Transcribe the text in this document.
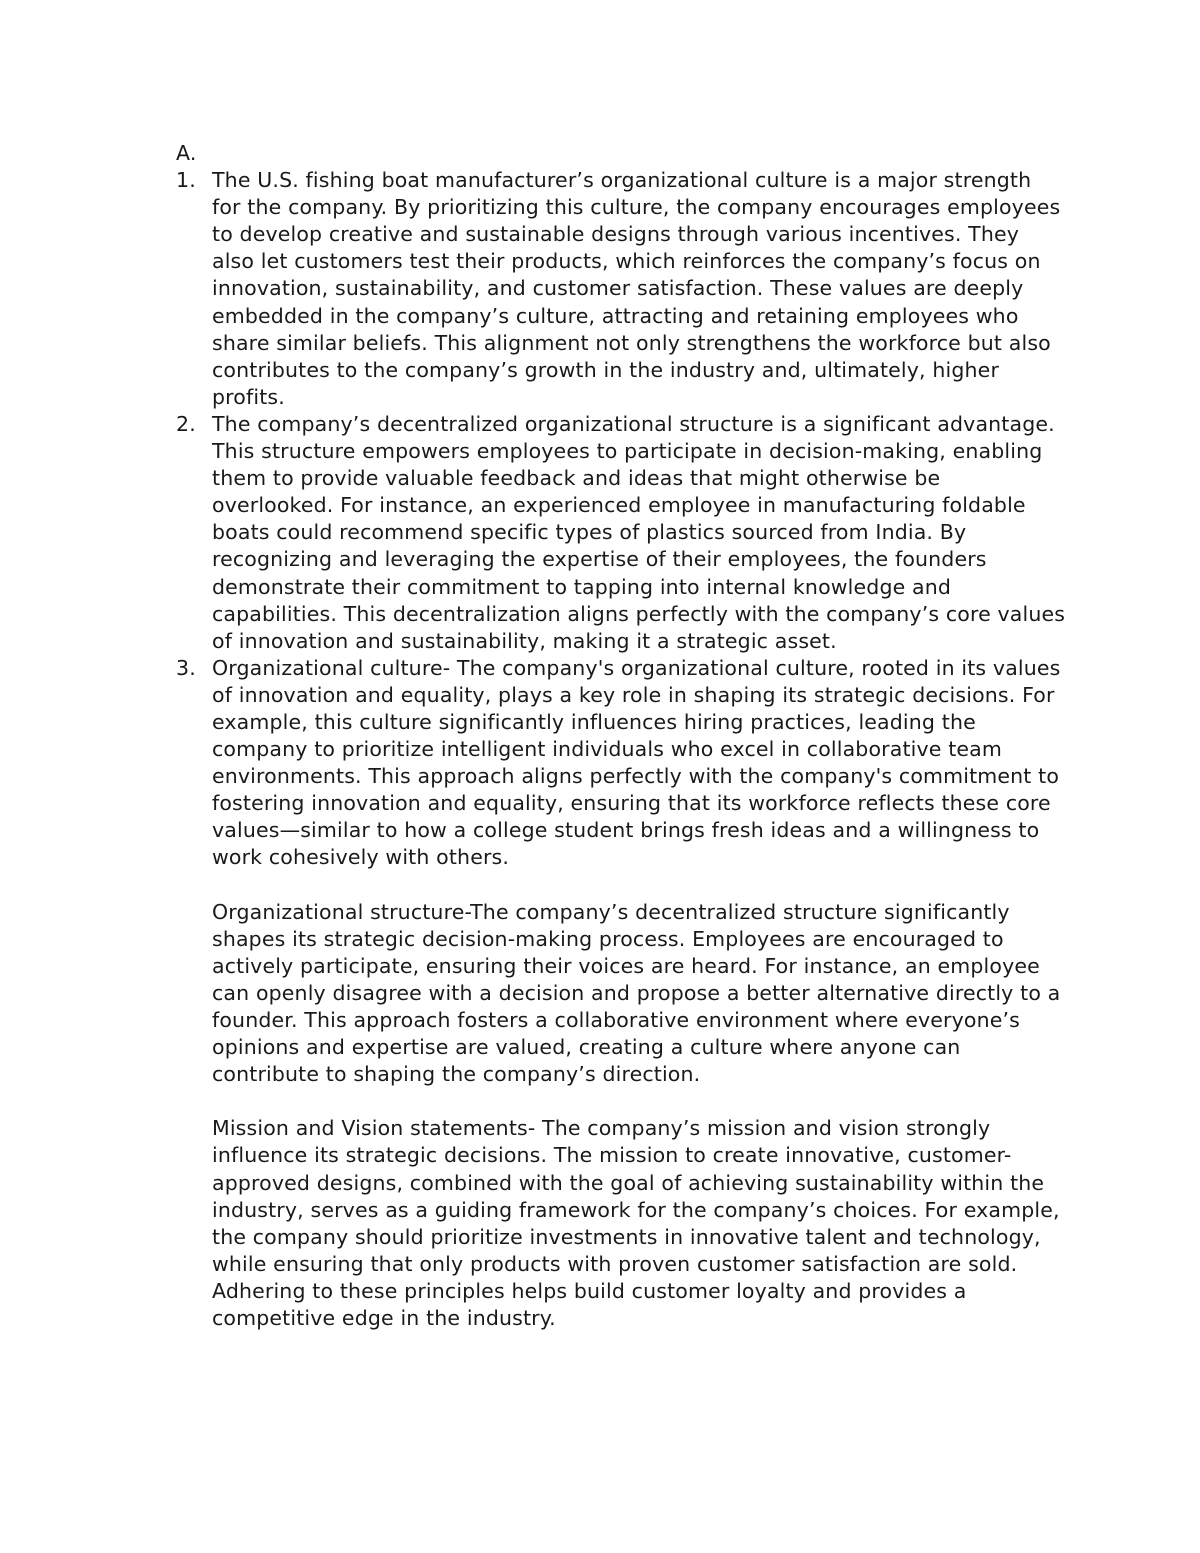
A.

1. The U.S. fishing boat manufacturer’s organizational culture is a major strength for the company. By prioritizing this culture, the company encourages employees to develop creative and sustainable designs through various incentives. They also let customers test their products, which reinforces the company’s focus on innovation, sustainability, and customer satisfaction. These values are deeply embedded in the company’s culture, attracting and retaining employees who share similar beliefs. This alignment not only strengthens the workforce but also contributes to the company’s growth in the industry and, ultimately, higher profits.

2. The company’s decentralized organizational structure is a significant advantage. This structure empowers employees to participate in decision-making, enabling them to provide valuable feedback and ideas that might otherwise be overlooked. For instance, an experienced employee in manufacturing foldable boats could recommend specific types of plastics sourced from India. By recognizing and leveraging the expertise of their employees, the founders demonstrate their commitment to tapping into internal knowledge and capabilities. This decentralization aligns perfectly with the company’s core values of innovation and sustainability, making it a strategic asset.

3. Organizational culture- The company's organizational culture, rooted in its values of innovation and equality, plays a key role in shaping its strategic decisions. For example, this culture significantly influences hiring practices, leading the company to prioritize intelligent individuals who excel in collaborative team environments. This approach aligns perfectly with the company's commitment to fostering innovation and equality, ensuring that its workforce reflects these core values—similar to how a college student brings fresh ideas and a willingness to work cohesively with others.

Organizational structure-The company’s decentralized structure significantly shapes its strategic decision-making process. Employees are encouraged to actively participate, ensuring their voices are heard. For instance, an employee can openly disagree with a decision and propose a better alternative directly to a founder. This approach fosters a collaborative environment where everyone’s opinions and expertise are valued, creating a culture where anyone can contribute to shaping the company’s direction.

Mission and Vision statements- The company’s mission and vision strongly influence its strategic decisions. The mission to create innovative, customer-approved designs, combined with the goal of achieving sustainability within the industry, serves as a guiding framework for the company’s choices. For example, the company should prioritize investments in innovative talent and technology, while ensuring that only products with proven customer satisfaction are sold. Adhering to these principles helps build customer loyalty and provides a competitive edge in the industry.
